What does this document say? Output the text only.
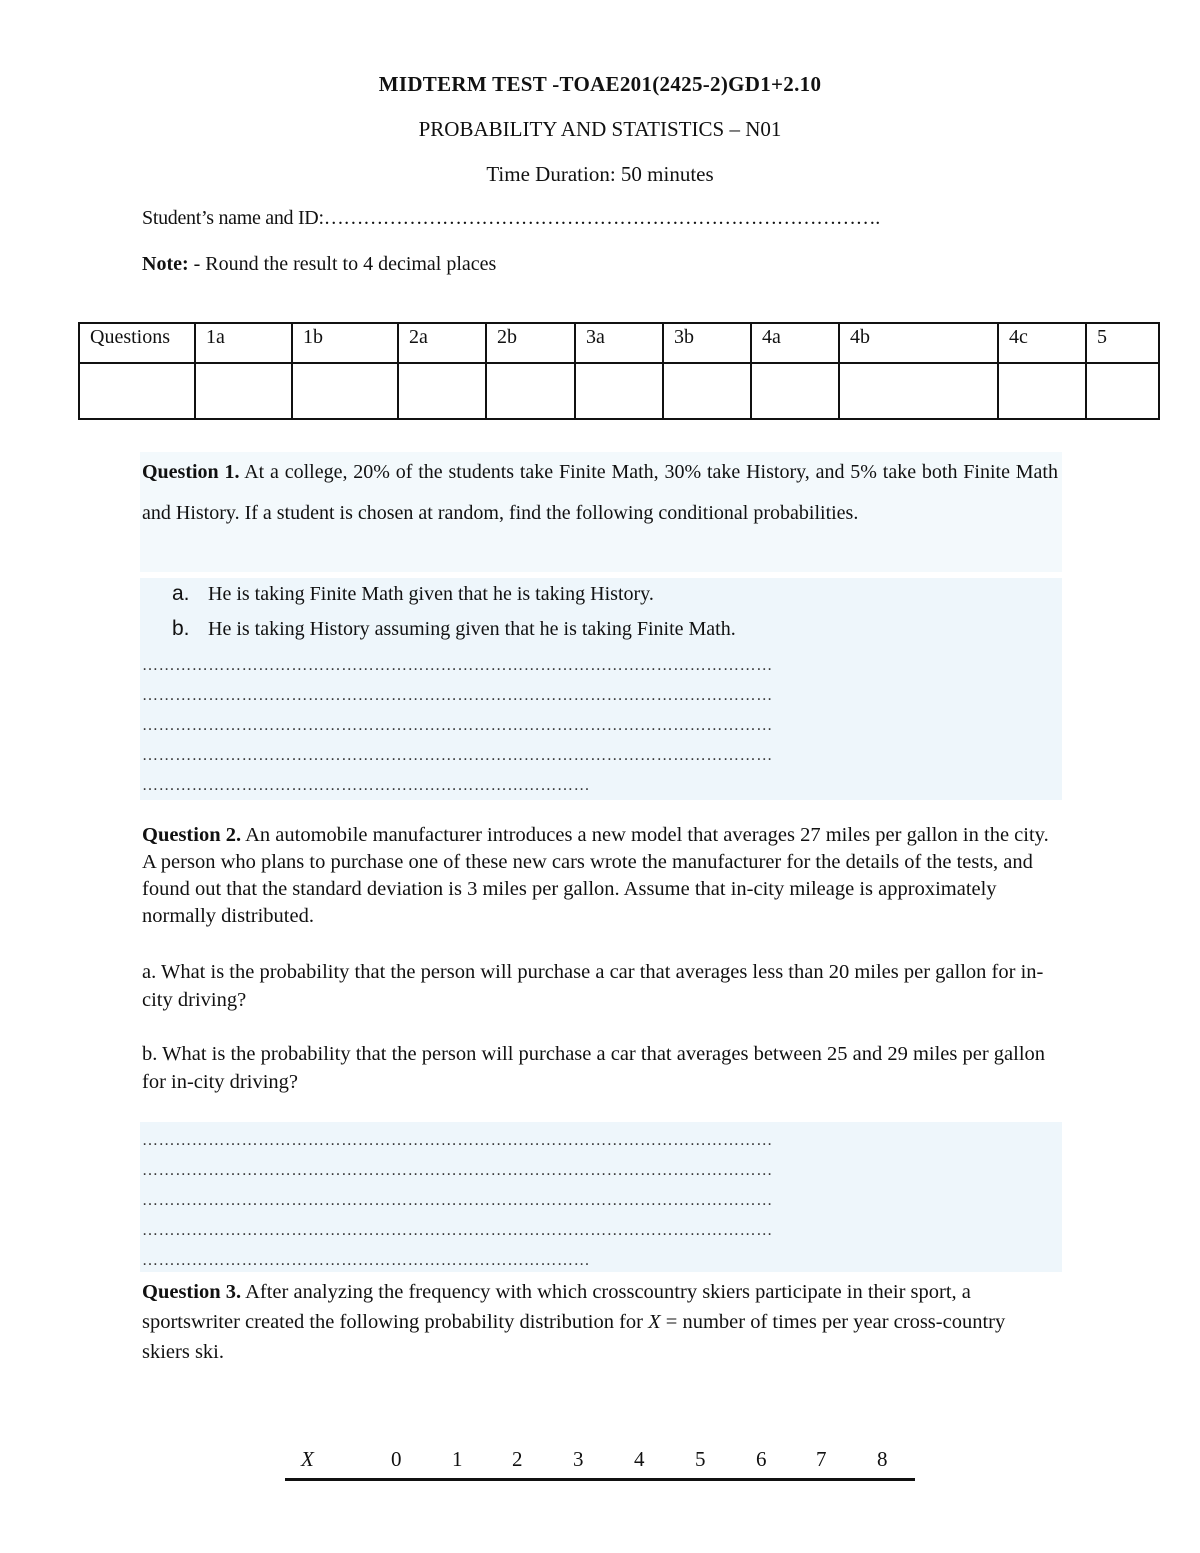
MIDTERM TEST -TOAE201(2425-2)GD1+2.10
PROBABILITY AND STATISTICS – N01
Time Duration: 50 minutes
Student’s name and ID:………………………………………………………………………….
Note: - Round the result to 4 decimal places
Questions	1a	1b	2a	2b	3a	3b	4a	4b	4c	5

Question 1. At a college, 20% of the students take Finite Math, 30% take History, and 5% take both Finite Math and History. If a student is chosen at random, find the following conditional probabilities.
a. He is taking Finite Math given that he is taking History.
b. He is taking History assuming given that he is taking Finite Math.
……………………………………………………………………………………………………
……………………………………………………………………………………………………
……………………………………………………………………………………………………
……………………………………………………………………………………………………
………………………………………………………………………
Question 2. An automobile manufacturer introduces a new model that averages 27 miles per gallon in the city. A person who plans to purchase one of these new cars wrote the manufacturer for the details of the tests, and found out that the standard deviation is 3 miles per gallon. Assume that in-city mileage is approximately normally distributed.
a. What is the probability that the person will purchase a car that averages less than 20 miles per gallon for in-city driving?
b. What is the probability that the person will purchase a car that averages between 25 and 29 miles per gallon for in-city driving?
……………………………………………………………………………………………………
……………………………………………………………………………………………………
……………………………………………………………………………………………………
……………………………………………………………………………………………………
………………………………………………………………………
Question 3. After analyzing the frequency with which crosscountry skiers participate in their sport, a sportswriter created the following probability distribution for X = number of times per year cross-country skiers ski.
X	0 1 2 3 4 5 6 7 8
